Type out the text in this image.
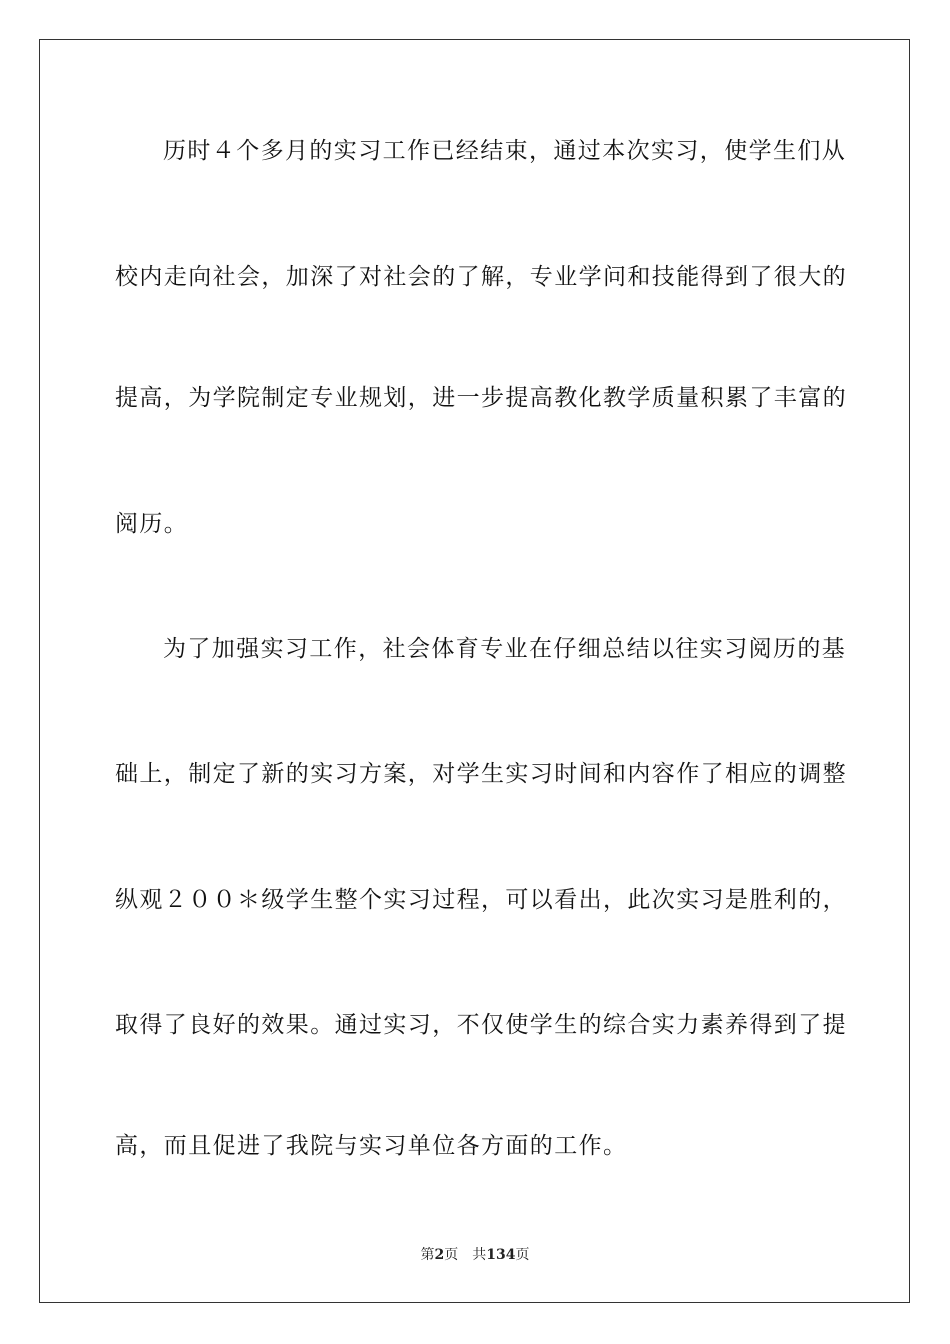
历时４个多月的实习工作已经结束，通过本次实习，使学生们从
校内走向社会，加深了对社会的了解，专业学问和技能得到了很大的
提高，为学院制定专业规划，进一步提高教化教学质量积累了丰富的
阅历。
为了加强实习工作，社会体育专业在仔细总结以往实习阅历的基
础上，制定了新的实习方案，对学生实习时间和内容作了相应的调整
纵观２００＊级学生整个实习过程，可以看出，此次实习是胜利的，
取得了良好的效果。通过实习，不仅使学生的综合实力素养得到了提
高，而且促进了我院与实习单位各方面的工作。
第2页 共134页
